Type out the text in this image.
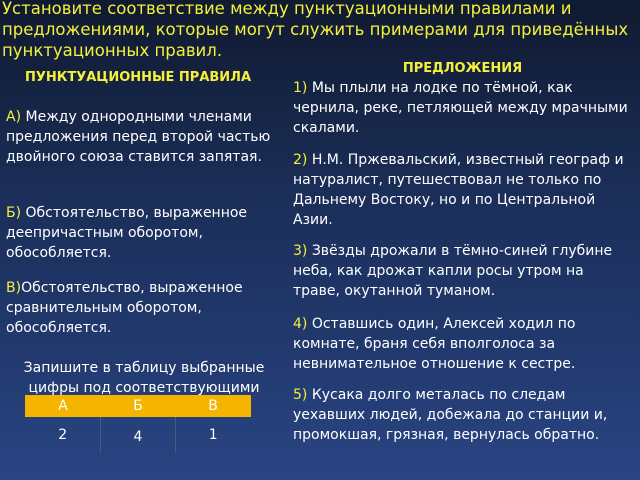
Установите соответствие между пунктуационными правилами и предложениями, которые могут служить примерами для приведённых пунктуационных правил.
ПУНКТУАЦИОННЫЕ ПРАВИЛА
ПРЕДЛОЖЕНИЯ
А) Между однородными членами предложения перед второй частью двойного союза ставится запятая.
Б) Обстоятельство, выраженное деепричастным оборотом, обособляется.
В)Обстоятельство, выраженное сравнительным оборотом, обособляется.
Запишите в таблицу выбранные цифры под соответствующими
1) Мы плыли на лодке по тёмной, как чернила, реке, петляющей между мрачными скалами.
2) Н.М. Пржевальский, известный географ и натуралист, путешествовал не только по Дальнему Востоку, но и по Центральной Азии.
3) Звёзды дрожали в тёмно-синей глубине неба, как дрожат капли росы утром на траве, окутанной туманом.
4) Оставшись один, Алексей ходил по комнате, браня себя вполголоса за невнимательное отношение к сестре.
5) Кусака долго металась по следам уехавших людей, добежала до станции и, промокшая, грязная, вернулась обратно.
А	Б	В
2	4	1
